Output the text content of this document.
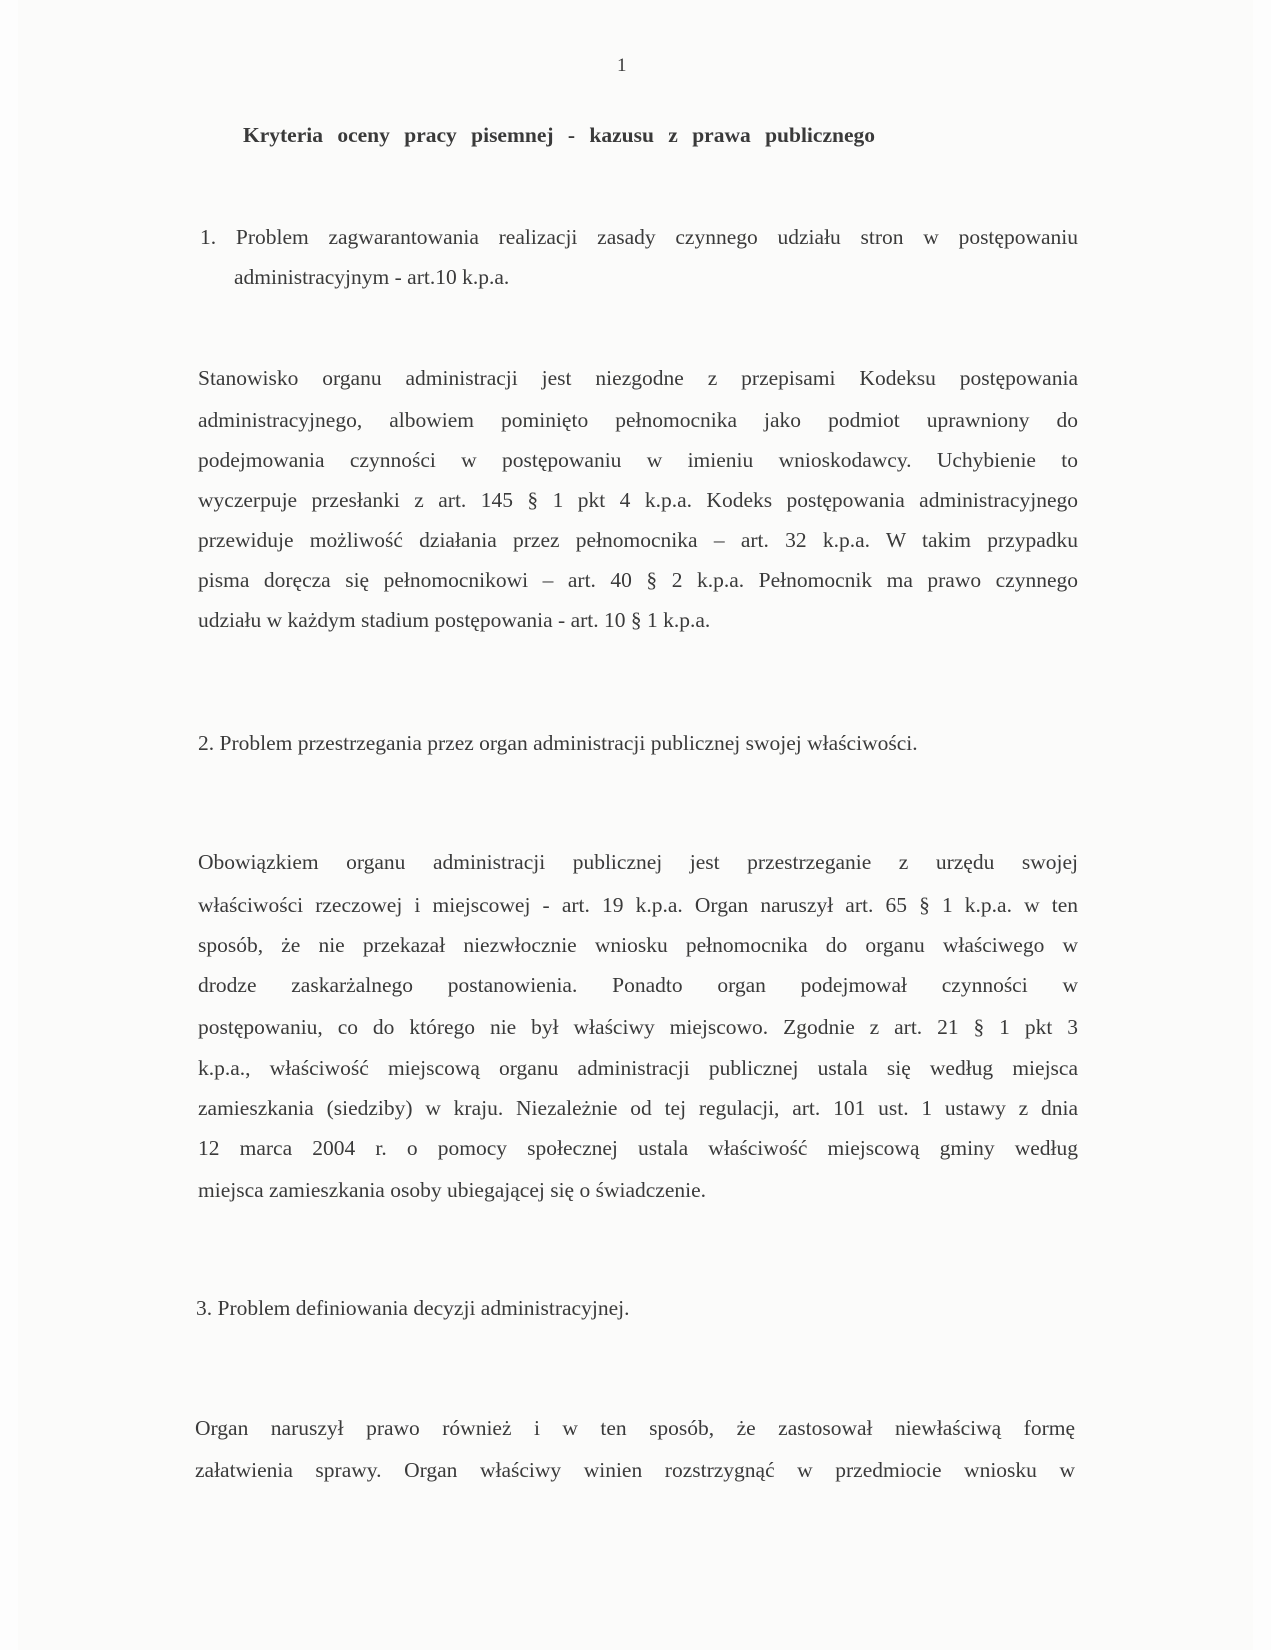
1
Kryteria oceny pracy pisemnej - kazusu z prawa publicznego
1. Problem zagwarantowania realizacji zasady czynnego udziału stron w postępowaniu
administracyjnym - art.10 k.p.a.
Stanowisko organu administracji jest niezgodne z przepisami Kodeksu postępowania
administracyjnego, albowiem pominięto pełnomocnika jako podmiot uprawniony do
podejmowania czynności w postępowaniu w imieniu wnioskodawcy. Uchybienie to
wyczerpuje przesłanki z art. 145 § 1 pkt 4 k.p.a. Kodeks postępowania administracyjnego
przewiduje możliwość działania przez pełnomocnika – art. 32 k.p.a. W takim przypadku
pisma doręcza się pełnomocnikowi – art. 40 § 2 k.p.a. Pełnomocnik ma prawo czynnego
udziału w każdym stadium postępowania - art. 10 § 1 k.p.a.
2. Problem przestrzegania przez organ administracji publicznej swojej właściwości.
Obowiązkiem organu administracji publicznej jest przestrzeganie z urzędu swojej
właściwości rzeczowej i miejscowej - art. 19 k.p.a. Organ naruszył art. 65 § 1 k.p.a. w ten
sposób, że nie przekazał niezwłocznie wniosku pełnomocnika do organu właściwego w
drodze zaskarżalnego postanowienia. Ponadto organ podejmował czynności w
postępowaniu, co do którego nie był właściwy miejscowo. Zgodnie z art. 21 § 1 pkt 3
k.p.a., właściwość miejscową organu administracji publicznej ustala się według miejsca
zamieszkania (siedziby) w kraju. Niezależnie od tej regulacji, art. 101 ust. 1 ustawy z dnia
12 marca 2004 r. o pomocy społecznej ustala właściwość miejscową gminy według
miejsca zamieszkania osoby ubiegającej się o świadczenie.
3. Problem definiowania decyzji administracyjnej.
Organ naruszył prawo również i w ten sposób, że zastosował niewłaściwą formę
załatwienia sprawy. Organ właściwy winien rozstrzygnąć w przedmiocie wniosku w
